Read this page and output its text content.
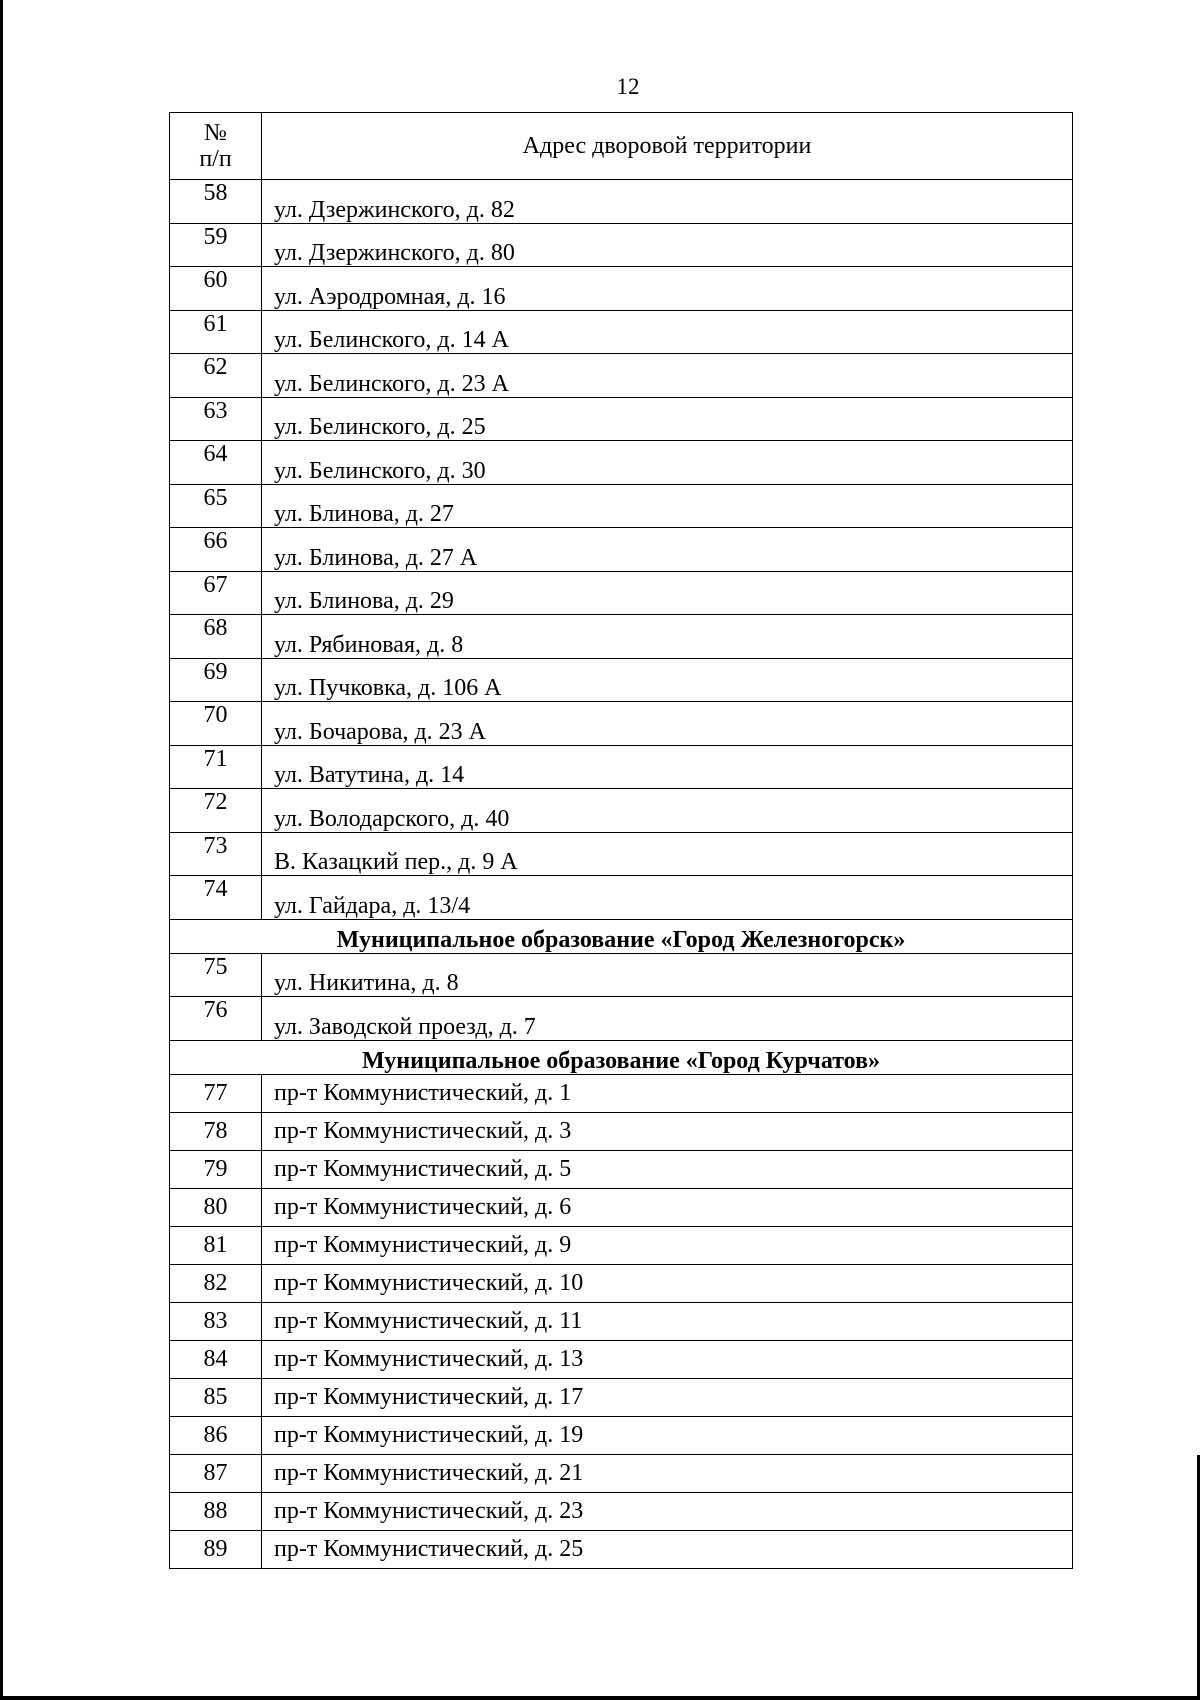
12
№
п/п	Адрес дворовой территории
58	ул. Дзержинского, д. 82
59	ул. Дзержинского, д. 80
60	ул. Аэродромная, д. 16
61	ул. Белинского, д. 14 А
62	ул. Белинского, д. 23 А
63	ул. Белинского, д. 25
64	ул. Белинского, д. 30
65	ул. Блинова, д. 27
66	ул. Блинова, д. 27 А
67	ул. Блинова, д. 29
68	ул. Рябиновая, д. 8
69	ул. Пучковка, д. 106 А
70	ул. Бочарова, д. 23 А
71	ул. Ватутина, д. 14
72	ул. Володарского, д. 40
73	В. Казацкий пер., д. 9 А
74	ул. Гайдара, д. 13/4
Муниципальное образование «Город Железногорск»	
75	ул. Никитина, д. 8
76	ул. Заводской проезд, д. 7
Муниципальное образование «Город Курчатов»	
77	пр-т Коммунистический, д. 1
78	пр-т Коммунистический, д. 3
79	пр-т Коммунистический, д. 5
80	пр-т Коммунистический, д. 6
81	пр-т Коммунистический, д. 9
82	пр-т Коммунистический, д. 10
83	пр-т Коммунистический, д. 11
84	пр-т Коммунистический, д. 13
85	пр-т Коммунистический, д. 17
86	пр-т Коммунистический, д. 19
87	пр-т Коммунистический, д. 21
88	пр-т Коммунистический, д. 23
89	пр-т Коммунистический, д. 25
